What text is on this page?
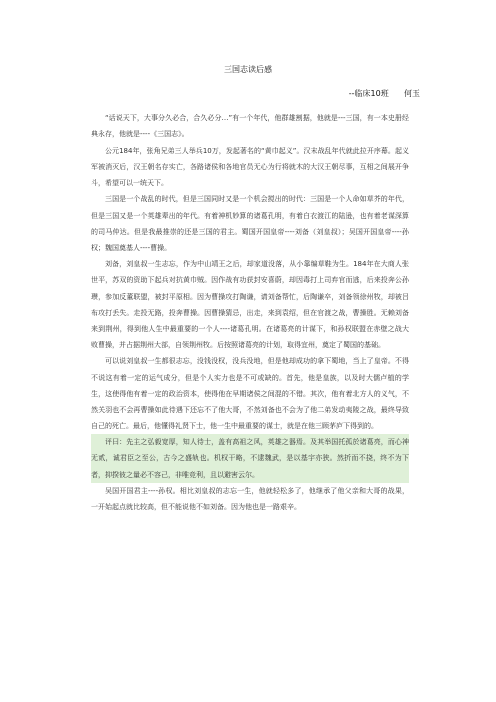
三国志读后感
--临床10班      何玉

“话说天下，大事分久必合，合久必分…”有一个年代，他群雄割据，他就是---三国，有一本史册经典永存，他就是----《三国志》。

公元184年，张角兄弟三人举兵10万，发起著名的“黄巾起义”。汉末战乱年代就此拉开序幕。起义军被消灭后，汉王朝名存实亡，各路诸侯和各地官员无心为行将就木的大汉王朝尽事，互相之间展开争斗，希望可以一统天下。

三国是一个战乱的时代，但是三国同时又是一个机会搅出的时代：三国是一个人命如草芥的年代，但是三国又是一个英雄辈出的年代。有着神机妙算的诸葛孔明，有着白衣渡江的陆逊，也有着老谋深算的司马仲达。但是我最推崇的还是三国的君主。蜀国开国皇帝----刘备（刘皇叔）；吴国开国皇帝----孙权；魏国奠基人----曹操。

刘备，刘皇叔一生志忘，作为中山靖王之后，却家道没落，从小靠编草鞋为生。184年在大商人张世平，苏双的资助下起兵对抗黄巾贼。因作战有功获封安喜蔚，却因毒打上司弃官而逃，后来投奔公孙瓒，参加反董联盟，被封平原相。因为曹操攻打陶谦，请刘备帮忙，后陶谦卒，刘备领徐州牧，却被吕布攻打丢失。走投无路，投奔曹操。因曹操猜忌，出走，来到袁绍，但在官渡之战，曹操胜。无赖刘备来到荆州，得到他人生中最重要的一个人----诸葛孔明。在诸葛亮的计谋下，和孙权联盟在赤壁之战大败曹操，并占据荆州大部，自领荆州牧。后按照诸葛亮的计划，取得宜州，奠定了蜀国的基础。

可以说刘皇叔一生都很志忘，没钱没权，没兵没地，但是他却成功的拿下蜀地，当上了皇帝。不得不说这有着一定的运气成分，但是个人实力也是不可或缺的。首先，他是皇族，以及时大儒卢植的学生，这使得他有着一定的政治资本，使得他在早期诸侯之间混的不错。其次，他有着北方人的义气，不然关羽也不会再曹操如此待遇下还忘不了他大哥，不然刘备也不会为了他二弟发动夷陵之战，最终导致自己的死亡。最后，他懂得礼贤下士，他一生中最重要的谋士，就是在他三顾茅庐下得到的。

评曰：先主之弘毅宽厚，知人待士，盖有高祖之风，英雄之器焉。及其举国托孤於诸葛亮，而心神无贰，诚君臣之至公，古今之盛轨也。机权干略，不逮魏武，是以基宇亦狭。然折而不挠，终不为下者，抑揆彼之量必不容己，非唯竞利，且以避害云尔。

吴国开国君主----孙权。相比刘皇叔的志忘一生，他就轻松多了，他继承了他父亲和大哥的战果，一开始起点就比较高，但不能说他不如刘备。因为他也是一路艰辛。
